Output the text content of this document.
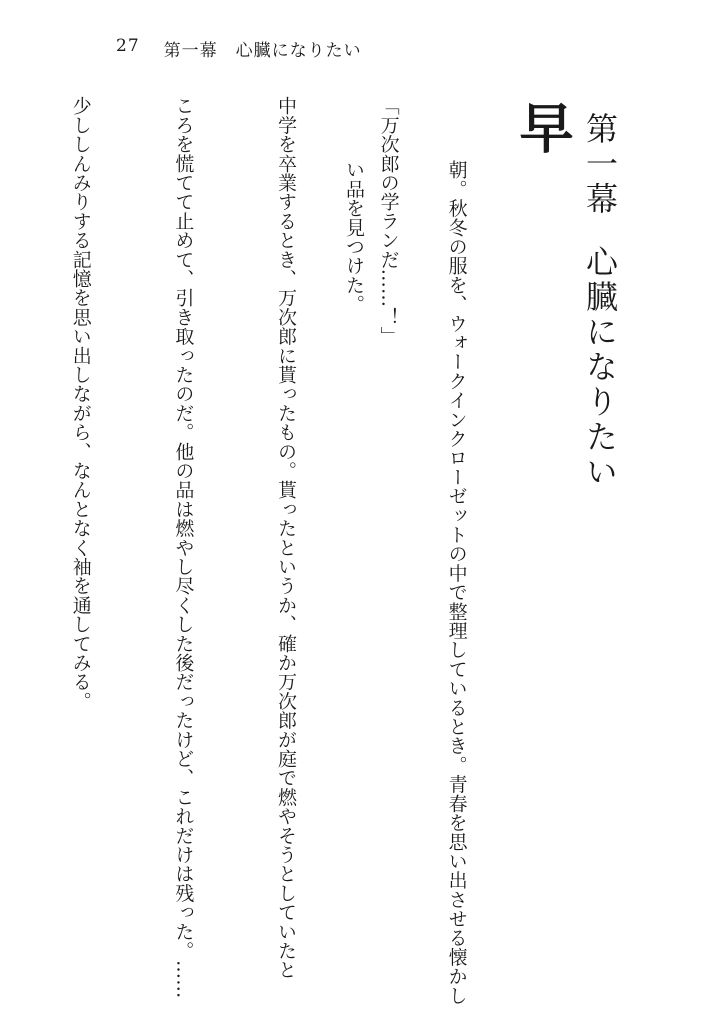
27 第一幕 心臓になりたい
第一幕心臓になりたい
早

朝。秋冬の服を、ウォークインクローゼットの中で整理しているとき。青春を思い出させる懐かし

い品を見つけた。

「万次郎の学ランだ……！」

中学を卒業するとき、万次郎に貰ったもの。貰ったというか、確か万次郎が庭で燃やそうとしていたと

ころを慌てて止めて、引き取ったのだ。他の品は燃やし尽くした後だったけど、これだけは残った。……

少ししんみりする記憶を思い出しながら、なんとなく袖を通してみる。
